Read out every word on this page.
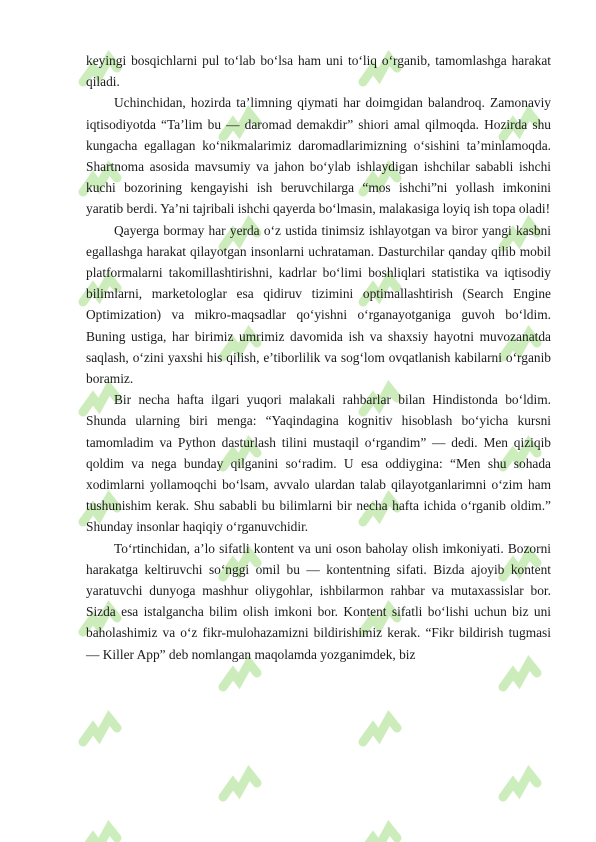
keyingi bosqichlarni pul to‘lab bo‘lsa ham uni to‘liq o‘rganib, tamomlashga harakat qiladi.

Uchinchidan, hozirda ta’limning qiymati har doimgidan balandroq. Zamonaviy iqtisodiyotda “Ta’lim bu — daromad demakdir” shiori amal qilmoqda. Hozirda shu kungacha egallagan ko‘nikmalarimiz daromadlarimizning o‘sishini ta’minlamoqda. Shartnoma asosida mavsumiy va jahon bo‘ylab ishlaydigan ishchilar sababli ishchi kuchi bozorining kengayishi ish beruvchilarga “mos ishchi”ni yollash imkonini yaratib berdi. Ya’ni tajribali ishchi qayerda bo‘lmasin, malakasiga loyiq ish topa oladi!

Qayerga bormay har yerda o‘z ustida tinimsiz ishlayotgan va biror yangi kasbni egallashga harakat qilayotgan insonlarni uchrataman. Dasturchilar qanday qilib mobil platformalarni takomillashtirishni, kadrlar bo‘limi boshliqlari statistika va iqtisodiy bilimlarni, marketologlar esa qidiruv tizimini optimallashtirish (Search Engine Optimization) va mikro-maqsadlar qo‘yishni o‘rganayotganiga guvoh bo‘ldim. Buning ustiga, har birimiz umrimiz davomida ish va shaxsiy hayotni muvozanatda saqlash, o‘zini yaxshi his qilish, e’tiborlilik va sog‘lom ovqatlanish kabilarni o‘rganib boramiz.

Bir necha hafta ilgari yuqori malakali rahbarlar bilan Hindistonda bo‘ldim. Shunda ularning biri menga: “Yaqindagina kognitiv hisoblash bo‘yicha kursni tamomladim va Python dasturlash tilini mustaqil o‘rgandim” — dedi. Men qiziqib qoldim va nega bunday qilganini so‘radim. U esa oddiygina: “Men shu sohada xodimlarni yollamoqchi bo‘lsam, avvalo ulardan talab qilayotganlarimni o‘zim ham tushunishim kerak. Shu sababli bu bilimlarni bir necha hafta ichida o‘rganib oldim.” Shunday insonlar haqiqiy o‘rganuvchidir.

To‘rtinchidan, a’lo sifatli kontent va uni oson baholay olish imkoniyati. Bozorni harakatga keltiruvchi so‘nggi omil bu — kontentning sifati. Bizda ajoyib kontent yaratuvchi dunyoga mashhur oliygohlar, ishbilarmon rahbar va mutaxassislar bor. Sizda esa istalgancha bilim olish imkoni bor. Kontent sifatli bo‘lishi uchun biz uni baholashimiz va o‘z fikr-mulohazamizni bildirishimiz kerak. “Fikr bildirish tugmasi — Killer App” deb nomlangan maqolamda yozganimdek, biz
